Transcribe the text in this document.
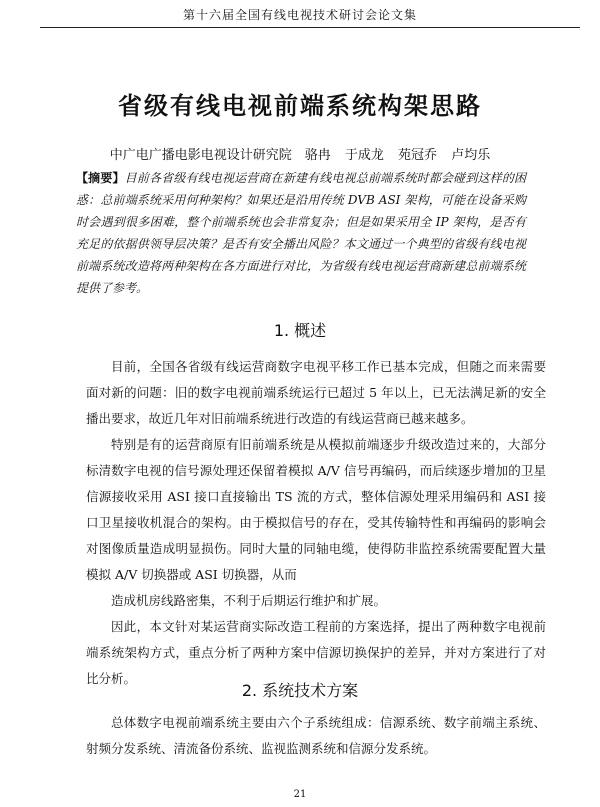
第十六届全国有线电视技术研讨会论文集
省级有线电视前端系统构架思路
中广电广播电影电视设计研究院　骆冉 于成龙 苑冠乔 卢均乐
【摘要】目前各省级有线电视运营商在新建有线电视总前端系统时都会碰到这样的困惑：总前端系统采用何种架构？如果还是沿用传统 DVB ASI 架构，可能在设备采购时会遇到很多困难，整个前端系统也会非常复杂；但是如果采用全 IP 架构，是否有充足的依据供领导层决策？是否有安全播出风险？本文通过一个典型的省级有线电视前端系统改造将两种架构在各方面进行对比，为省级有线电视运营商新建总前端系统提供了参考。
1. 概述

目前，全国各省级有线运营商数字电视平移工作已基本完成，但随之而来需要面对新的问题：旧的数字电视前端系统运行已超过 5 年以上，已无法满足新的安全播出要求，故近几年对旧前端系统进行改造的有线运营商已越来越多。

特别是有的运营商原有旧前端系统是从模拟前端逐步升级改造过来的，大部分标清数字电视的信号源处理还保留着模拟 A/V 信号再编码，而后续逐步增加的卫星信源接收采用 ASI 接口直接输出 TS 流的方式，整体信源处理采用编码和 ASI 接口卫星接收机混合的架构。由于模拟信号的存在，受其传输特性和再编码的影响会对图像质量造成明显损伤。同时大量的同轴电缆，使得防非监控系统需要配置大量模拟 A/V 切换器或 ASI 切换器，从而

造成机房线路密集，不利于后期运行维护和扩展。

因此，本文针对某运营商实际改造工程前的方案选择，提出了两种数字电视前端系统架构方式，重点分析了两种方案中信源切换保护的差异，并对方案进行了对比分析。

2. 系统技术方案

总体数字电视前端系统主要由六个子系统组成：信源系统、数字前端主系统、射频分发系统、清流备份系统、监视监测系统和信源分发系统。

21
